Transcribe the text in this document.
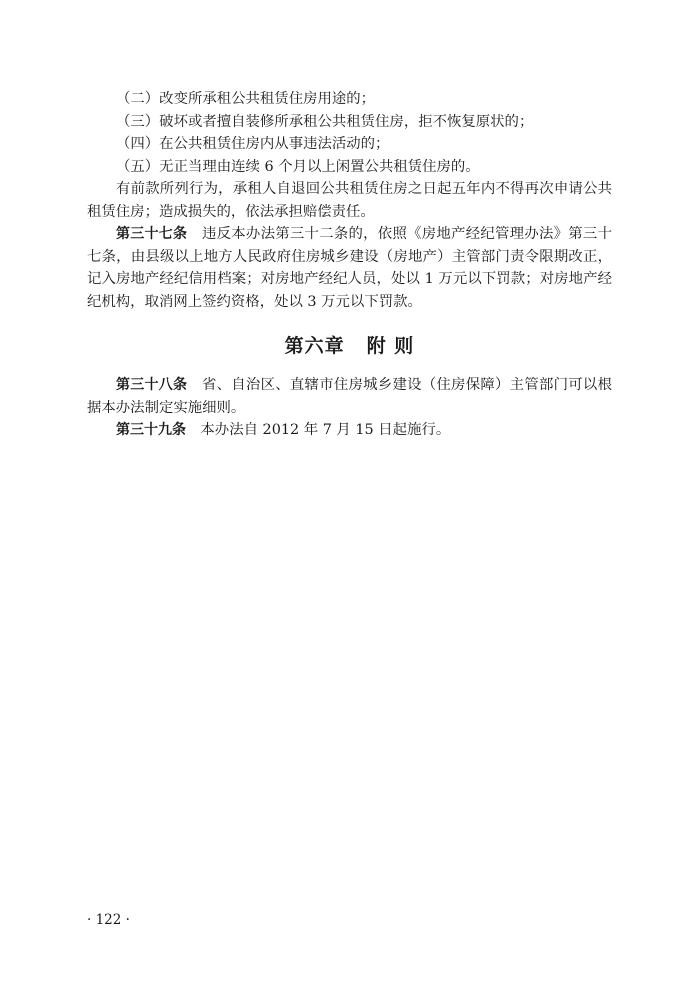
（二）改变所承租公共租赁住房用途的；

（三）破坏或者擅自装修所承租公共租赁住房，拒不恢复原状的；

（四）在公共租赁住房内从事违法活动的；

（五）无正当理由连续 6 个月以上闲置公共租赁住房的。

有前款所列行为，承租人自退回公共租赁住房之日起五年内不得再次申请公共租赁住房；造成损失的，依法承担赔偿责任。

第三十七条　 违反本办法第三十二条的，依照《房地产经纪管理办法》第三十七条，由县级以上地方人民政府住房城乡建设（房地产）主管部门责令限期改正，记入房地产经纪信用档案；对房地产经纪人员，处以 1 万元以下罚款；对房地产经纪机构，取消网上签约资格，处以 3 万元以下罚款。

第六章 附 则

第三十八条　 省、自治区、直辖市住房城乡建设（住房保障）主管部门可以根据本办法制定实施细则。

第三十九条　 本办法自 2012 年 7 月 15 日起施行。

· 122 ·
